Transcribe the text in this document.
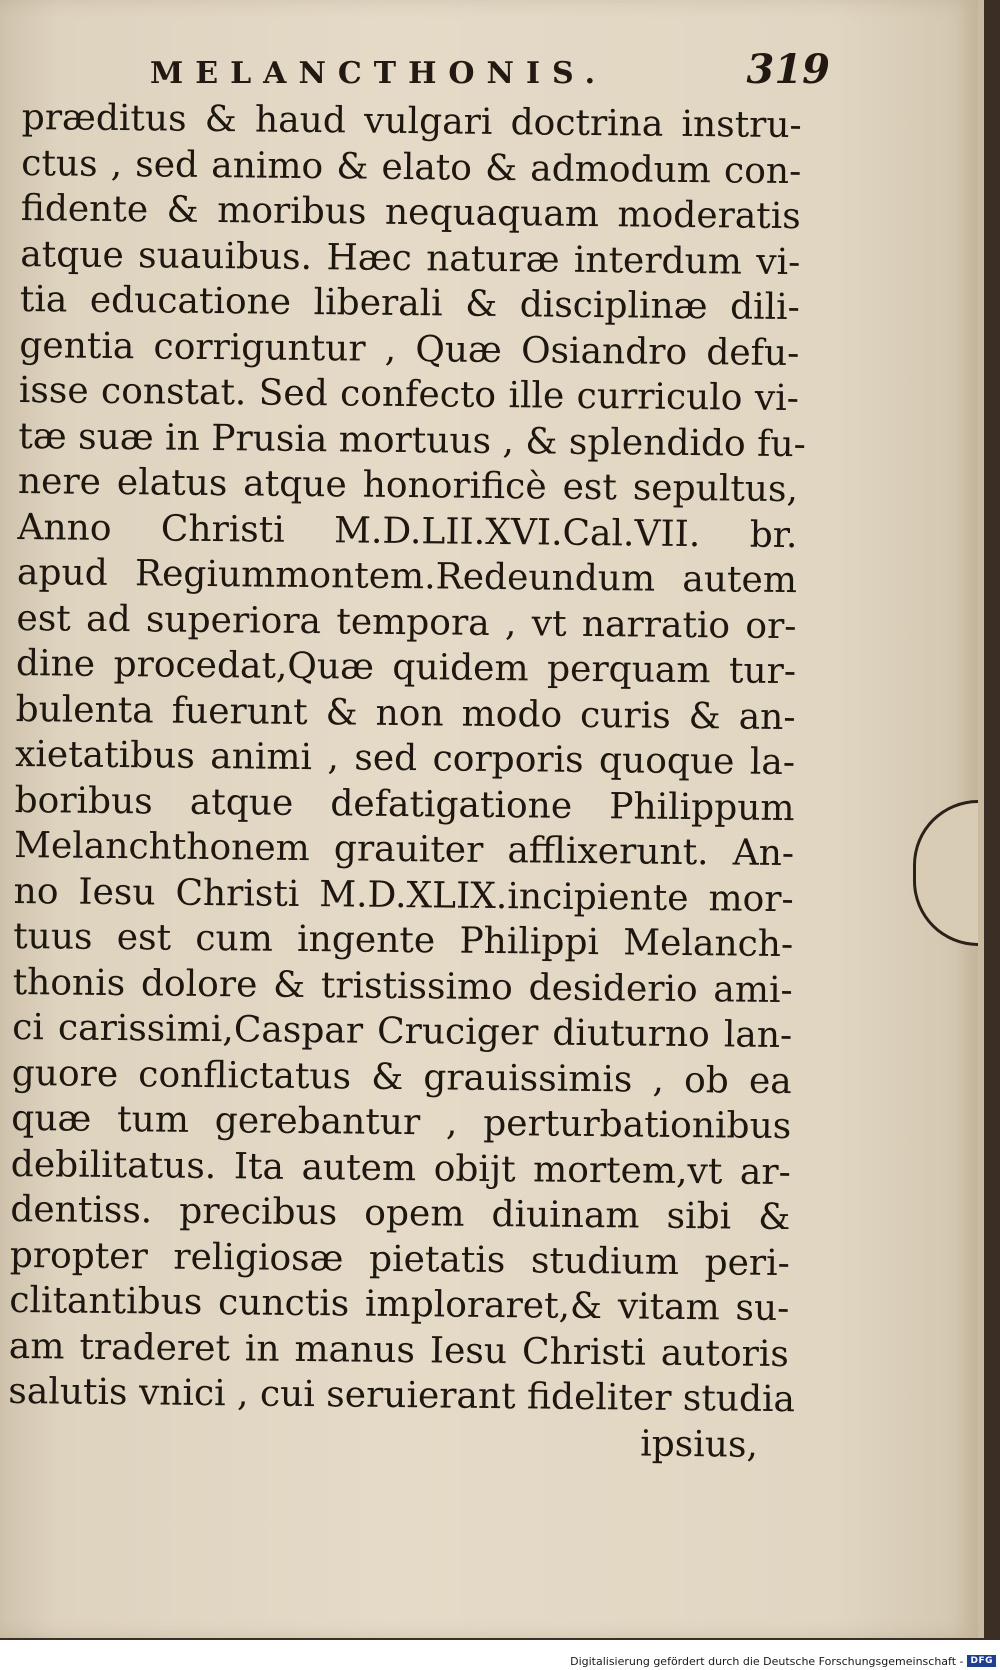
MELANCTHONIS.	319
præditus & haud vulgari doctrina instru-
ctus , sed animo & elato & admodum con-
fidente & moribus nequaquam moderatis
atque suauibus. Hæc naturæ interdum vi-
tia educatione liberali & disciplinæ dili-
gentia corriguntur , Quæ Osiandro defu-
isse constat. Sed confecto ille curriculo vi-
tæ suæ in Prusia mortuus , & splendido fu-
nere elatus atque honorificè est sepultus,
Anno Christi M.D.LII.XVI.Cal.VII. br.
apud Regiummontem.Redeundum autem
est ad superiora tempora , vt narratio or-
dine procedat,Quæ quidem perquam tur-
bulenta fuerunt & non modo curis & an-
xietatibus animi , sed corporis quoque la-
boribus atque defatigatione Philippum
Melanchthonem grauiter afflixerunt. An-
no Iesu Christi M.D.XLIX.incipiente mor-
tuus est cum ingente Philippi Melanch-
thonis dolore & tristissimo desiderio ami-
ci carissimi,Caspar Cruciger diuturno lan-
guore conflictatus & grauissimis , ob ea
quæ tum gerebantur , perturbationibus
debilitatus. Ita autem obijt mortem,vt ar-
dentiss. precibus opem diuinam sibi &
propter religiosæ pietatis studium peri-
clitantibus cunctis imploraret,& vitam su-
am traderet in manus Iesu Christi autoris
salutis vnici , cui seruierant fideliter studia
ipsius,
Digitalisierung gefördert durch die Deutsche Forschungsgemeinschaft - DFG
